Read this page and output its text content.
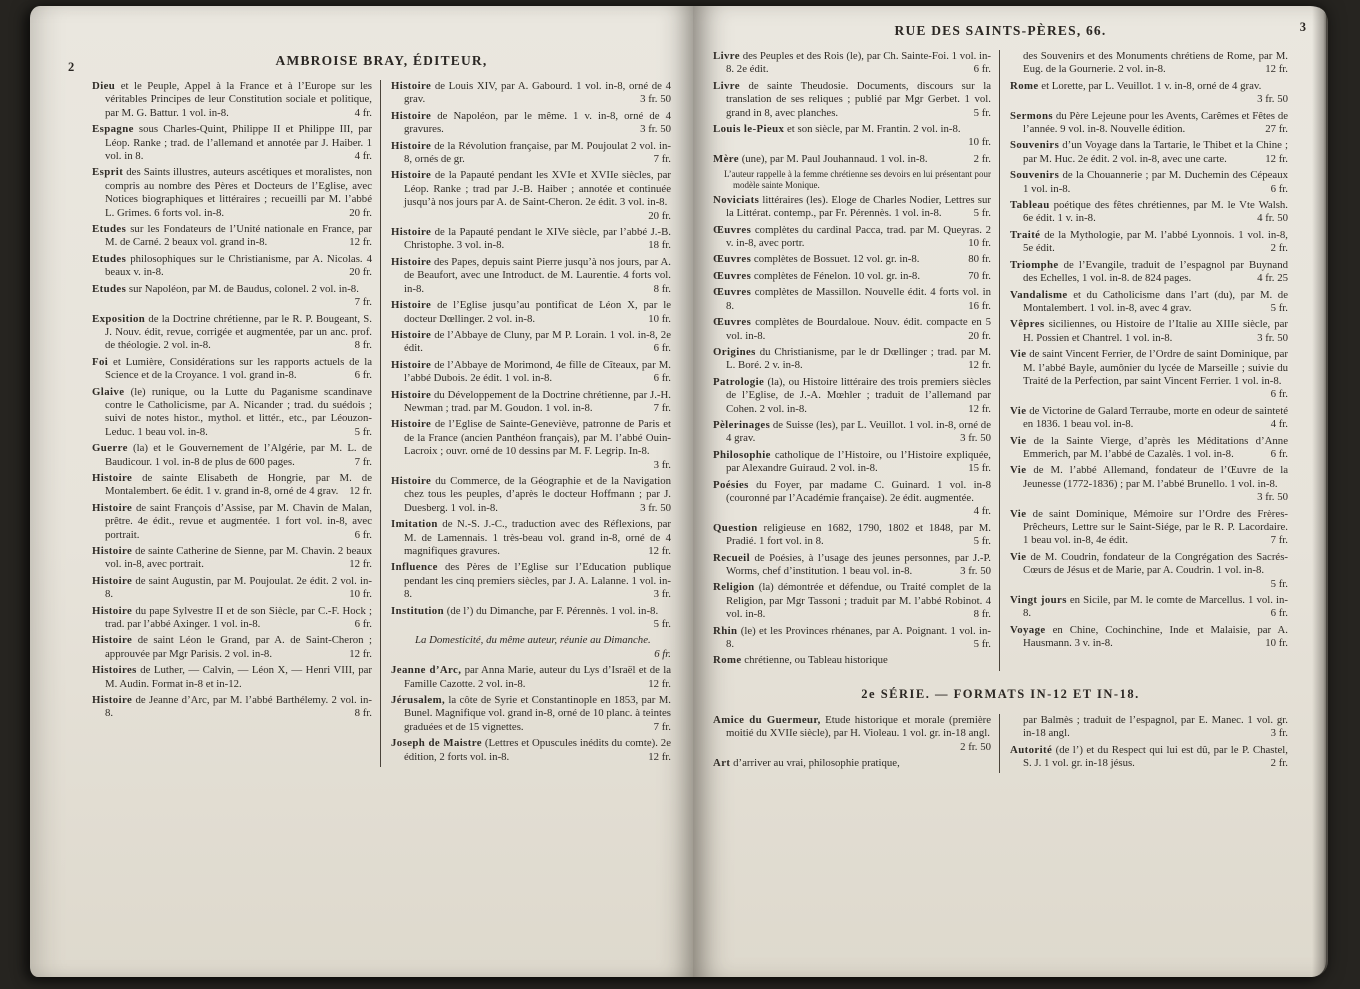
2	AMBROISE BRAY, ÉDITEUR,
Dieu et le Peuple, Appel à la France et à l’Europe sur les véritables Principes de leur Constitution sociale et politique, par M. G. Battur. 1 vol. in-8.	4 fr.
Espagne sous Charles-Quint, Philippe II et Philippe III, par Léop. Ranke ; trad. de l’allemand et annotée par J. Haiber. 1 vol. in 8.	4 fr.
Esprit des Saints illustres, auteurs ascétiques et moralistes, non compris au nombre des Pères et Docteurs de l’Eglise, avec Notices biographiques et littéraires ; recueilli par M. l’abbé L. Grimes. 6 forts vol. in-8.	20 fr.
Etudes sur les Fondateurs de l’Unité nationale en France, par M. de Carné. 2 beaux vol. grand in-8.	12 fr.
Etudes philosophiques sur le Christianisme, par A. Nicolas. 4 beaux v. in-8.	20 fr.
Etudes sur Napoléon, par M. de Baudus, colonel. 2 vol. in-8.
7 fr.
Exposition de la Doctrine chrétienne, par le R. P. Bougeant, S. J. Nouv. édit, revue, corrigée et augmentée, par un anc. prof. de théologie. 2 vol. in-8.	8 fr.
Foi et Lumière, Considérations sur les rapports actuels de la Science et de la Croyance. 1 vol. grand in-8.	6 fr.
Glaive (le) runique, ou la Lutte du Paganisme scandinave contre le Catholicisme, par A. Nicander ; trad. du suédois ; suivi de notes histor., mythol. et littér., etc., par Léouzon-Leduc. 1 beau vol. in-8.	5 fr.
Guerre (la) et le Gouvernement de l’Algérie, par M. L. de Baudicour. 1 vol. in-8 de plus de 600 pages.	7 fr.
Histoire de sainte Elisabeth de Hongrie, par M. de Montalembert. 6e édit. 1 v. grand in-8, orné de 4 grav. 12 fr.
Histoire de saint François d’Assise, par M. Chavin de Malan, prêtre. 4e édit., revue et augmentée. 1 fort vol. in-8, avec portrait.	6 fr.
Histoire de sainte Catherine de Sienne, par M. Chavin. 2 beaux vol. in-8, avec portrait.	12 fr.
Histoire de saint Augustin, par M. Poujoulat. 2e édit. 2 vol. in-8.	10 fr.
Histoire du pape Sylvestre II et de son Siècle, par C.-F. Hock ; trad. par l’abbé Axinger. 1 vol. in-8.	6 fr.
Histoire de saint Léon le Grand, par A. de Saint-Cheron ; approuvée par Mgr Parisis. 2 vol. in-8.	12 fr.
Histoires de Luther, — Calvin, — Léon X, — Henri VIII, par M. Audin. Format in-8 et in-12.
Histoire de Jeanne d’Arc, par M. l’abbé Barthélemy. 2 vol. in-8.	8 fr.
Histoire de Louis XIV, par A. Gabourd. 1 vol. in-8, orné de 4 grav.	3 fr. 50
Histoire de Napoléon, par le même. 1 v. in-8, orné de 4 gravures.	3 fr. 50
Histoire de la Révolution française, par M. Poujoulat 2 vol. in-8, ornés de gr.	7 fr.
Histoire de la Papauté pendant les XVIe et XVIIe siècles, par Léop. Ranke ; trad par J.-B. Haiber ; annotée et continuée jusqu’à nos jours par A. de Saint-Cheron. 2e édit. 3 vol. in-8.
20 fr.
Histoire de la Papauté pendant le XIVe siècle, par l’abbé J.-B. Christophe. 3 vol. in-8.	18 fr.
Histoire des Papes, depuis saint Pierre jusqu’à nos jours, par A. de Beaufort, avec une Introduct. de M. Laurentie. 4 forts vol. in-8.	8 fr.
Histoire de l’Eglise jusqu’au pontificat de Léon X, par le docteur Dœllinger. 2 vol. in-8.	10 fr.
Histoire de l’Abbaye de Cluny, par M P. Lorain. 1 vol. in-8, 2e édit.	6 fr.
Histoire de l’Abbaye de Morimond, 4e fille de Cîteaux, par M. l’abbé Dubois. 2e édit. 1 vol. in-8.	6 fr.
Histoire du Développement de la Doctrine chrétienne, par J.-H. Newman ; trad. par M. Goudon. 1 vol. in-8.	7 fr.
Histoire de l’Eglise de Sainte-Geneviève, patronne de Paris et de la France (ancien Panthéon français), par M. l’abbé Ouin-Lacroix ; ouvr. orné de 10 dessins par M. F. Legrip. In-8.
3 fr.
Histoire du Commerce, de la Géographie et de la Navigation chez tous les peuples, d’après le docteur Hoffmann ; par J. Duesberg. 1 vol. in-8.	3 fr. 50
Imitation de N.-S. J.-C., traduction avec des Réflexions, par M. de Lamennais. 1 très-beau vol. grand in-8, orné de 4 magnifiques gravures.	12 fr.
Influence des Pères de l’Eglise sur l’Education publique pendant les cinq premiers siècles, par J. A. Lalanne. 1 vol. in-8.	3 fr.
Institution (de l’) du Dimanche, par F. Pérennès. 1 vol. in-8.
5 fr.
La Domesticité, du même auteur, réunie au Dimanche.
6 fr.
Jeanne d’Arc, par Anna Marie, auteur du Lys d’Israël et de la Famille Cazotte. 2 vol. in-8.	12 fr.
Jérusalem, la côte de Syrie et Constantinople en 1853, par M. Bunel. Magnifique vol. grand in-8, orné de 10 planc. à teintes graduées et de 15 vignettes.	7 fr.
Joseph de Maistre (Lettres et Opuscules inédits du comte). 2e édition, 2 forts vol. in-8.	12 fr.
RUE DES SAINTS-PÈRES, 66.	3
Livre des Peuples et des Rois (le), par Ch. Sainte-Foi. 1 vol. in-8. 2e édit.	6 fr.
Livre de sainte Theudosie. Documents, discours sur la translation de ses reliques ; publié par Mgr Gerbet. 1 vol. grand in 8, avec planches.	5 fr.
Louis le-Pieux et son siècle, par M. Frantin. 2 vol. in-8.
10 fr.
Mère (une), par M. Paul Jouhannaud. 1 vol. in-8.	2 fr.
L’auteur rappelle à la femme chrétienne ses devoirs en lui présentant pour modèle sainte Monique.
Noviciats littéraires (les). Eloge de Charles Nodier, Lettres sur la Littérat. contemp., par Fr. Pérennès. 1 vol. in-8.	5 fr.
Œuvres complètes du cardinal Pacca, trad. par M. Queyras. 2 v. in-8, avec portr.	10 fr.
Œuvres complètes de Bossuet. 12 vol. gr. in-8.	80 fr.
Œuvres complètes de Fénelon. 10 vol. gr. in-8.	70 fr.
Œuvres complètes de Massillon. Nouvelle édit. 4 forts vol. in 8.	16 fr.
Œuvres complètes de Bourdaloue. Nouv. édit. compacte en 5 vol. in-8.	20 fr.
Origines du Christianisme, par le dr Dœllinger ; trad. par M. L. Boré. 2 v. in-8.	12 fr.
Patrologie (la), ou Histoire littéraire des trois premiers siècles de l’Eglise, de J.-A. Mœhler ; traduit de l’allemand par Cohen. 2 vol. in-8.	12 fr.
Pèlerinages de Suisse (les), par L. Veuillot. 1 vol. in-8, orné de 4 grav.	3 fr. 50
Philosophie catholique de l’Histoire, ou l’Histoire expliquée, par Alexandre Guiraud. 2 vol. in-8.	15 fr.
Poésies du Foyer, par madame C. Guinard. 1 vol. in-8 (couronné par l’Académie française). 2e édit. augmentée.
4 fr.
Question religieuse en 1682, 1790, 1802 et 1848, par M. Pradié. 1 fort vol. in 8.	5 fr.
Recueil de Poésies, à l’usage des jeunes personnes, par J.-P. Worms, chef d’institution. 1 beau vol. in-8.	3 fr. 50
Religion (la) démontrée et défendue, ou Traité complet de la Religion, par Mgr Tassoni ; traduit par M. l’abbé Robinot. 4 vol. in-8.	8 fr.
Rhin (le) et les Provinces rhénanes, par A. Poignant. 1 vol. in-8.	5 fr.
Rome chrétienne, ou Tableau historique
des Souvenirs et des Monuments chrétiens de Rome, par M. Eug. de la Gournerie. 2 vol. in-8.	12 fr.
Rome et Lorette, par L. Veuillot. 1 v. in-8, orné de 4 grav.
3 fr. 50
Sermons du Père Lejeune pour les Avents, Carêmes et Fêtes de l’année. 9 vol. in-8. Nouvelle édition.	27 fr.
Souvenirs d’un Voyage dans la Tartarie, le Thibet et la Chine ; par M. Huc. 2e édit. 2 vol. in-8, avec une carte.	12 fr.
Souvenirs de la Chouannerie ; par M. Duchemin des Cépeaux 1 vol. in-8.	6 fr.
Tableau poétique des fêtes chrétiennes, par M. le Vte Walsh. 6e édit. 1 v. in-8.	4 fr. 50
Traité de la Mythologie, par M. l’abbé Lyonnois. 1 vol. in-8, 5e édit.	2 fr.
Triomphe de l’Evangile, traduit de l’espagnol par Buynand des Echelles, 1 vol. in-8. de 824 pages.	4 fr. 25
Vandalisme et du Catholicisme dans l’art (du), par M. de Montalembert. 1 vol. in-8, avec 4 grav.	5 fr.
Vêpres siciliennes, ou Histoire de l’Italie au XIIIe siècle, par H. Possien et Chantrel. 1 vol. in-8.	3 fr. 50
Vie de saint Vincent Ferrier, de l’Ordre de saint Dominique, par M. l’abbé Bayle, aumônier du lycée de Marseille ; suivie du Traité de la Perfection, par saint Vincent Ferrier. 1 vol. in-8.
6 fr.
Vie de Victorine de Galard Terraube, morte en odeur de sainteté en 1836. 1 beau vol. in-8.	4 fr.
Vie de la Sainte Vierge, d’après les Méditations d’Anne Emmerich, par M. l’abbé de Cazalès. 1 vol. in-8.	6 fr.
Vie de M. l’abbé Allemand, fondateur de l’Œuvre de la Jeunesse (1772-1836) ; par M. l’abbé Brunello. 1 vol. in-8.
3 fr. 50
Vie de saint Dominique, Mémoire sur l’Ordre des Frères-Prêcheurs, Lettre sur le Saint-Siége, par le R. P. Lacordaire. 1 beau vol. in-8, 4e édit.	7 fr.
Vie de M. Coudrin, fondateur de la Congrégation des Sacrés-Cœurs de Jésus et de Marie, par A. Coudrin. 1 vol. in-8.
5 fr.
Vingt jours en Sicile, par M. le comte de Marcellus. 1 vol. in-8.	6 fr.
Voyage en Chine, Cochinchine, Inde et Malaisie, par A. Hausmann. 3 v. in-8.	10 fr.
2e SÉRIE. — FORMATS IN-12 ET IN-18.
Amice du Guermeur, Etude historique et morale (première moitié du XVIIe siècle), par H. Violeau. 1 vol. gr. in-18 angl.
2 fr. 50
Art d’arriver au vrai, philosophie pratique,
par Balmès ; traduit de l’espagnol, par E. Manec. 1 vol. gr. in-18 angl.	3 fr.
Autorité (de l’) et du Respect qui lui est dû, par le P. Chastel, S. J. 1 vol. gr. in-18 jésus.	2 fr.
